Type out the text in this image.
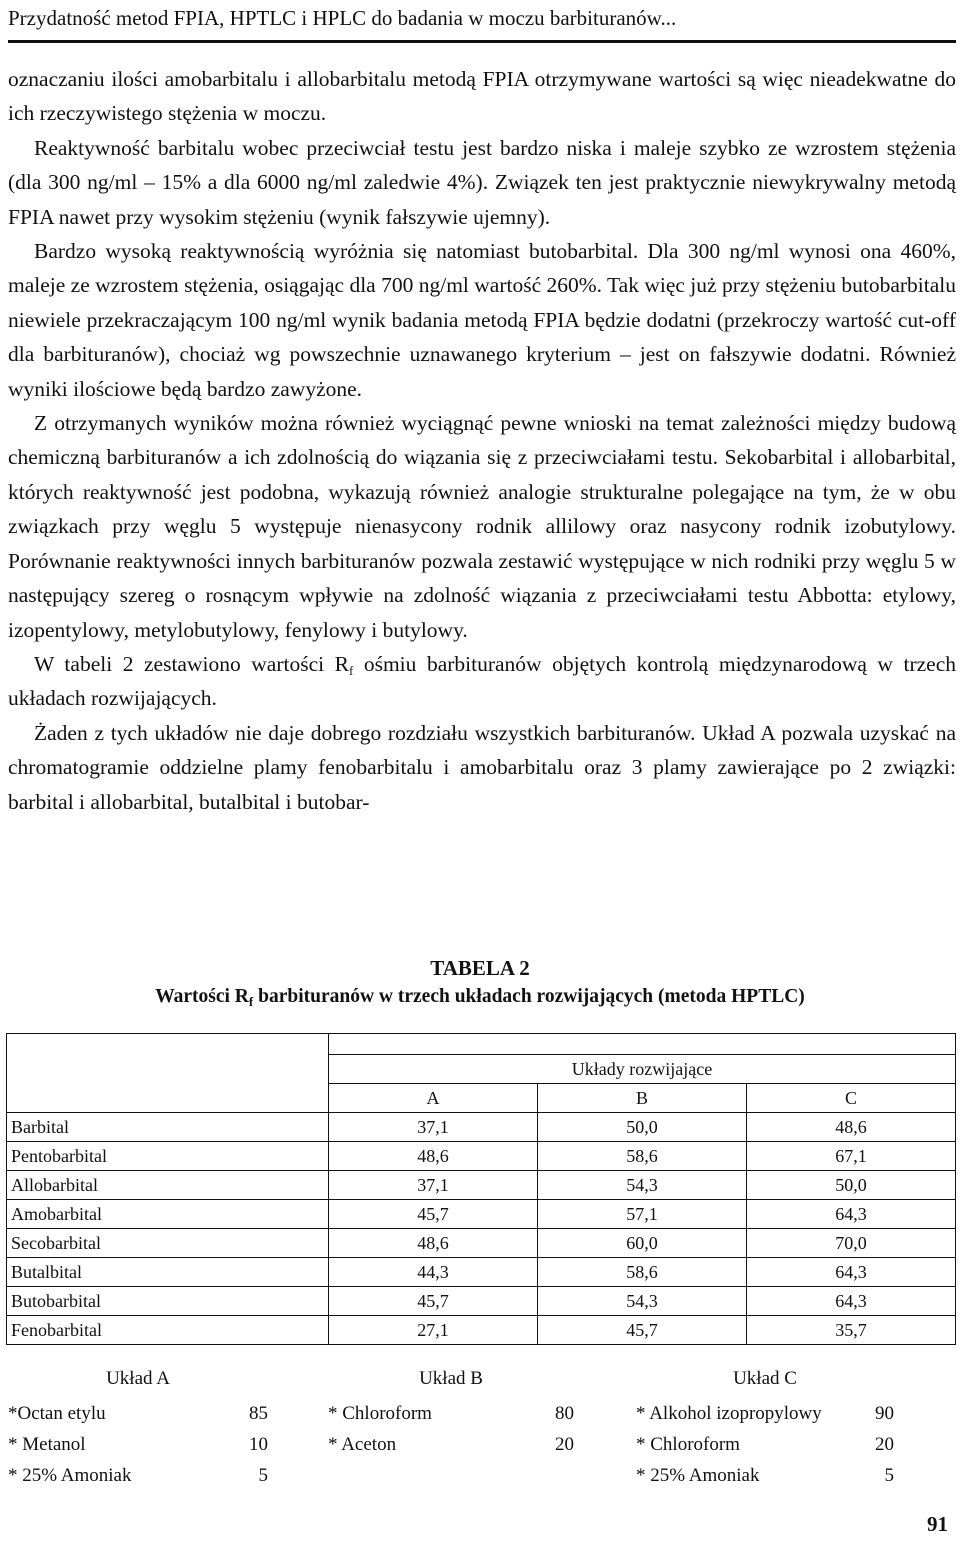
Przydatność metod FPIA, HPTLC i HPLC do badania w moczu barbituranów...

oznaczaniu ilości amobarbitalu i allobarbitalu metodą FPIA otrzymywane wartości są więc nieadekwatne do ich rzeczywistego stężenia w moczu.

Reaktywność barbitalu wobec przeciwciał testu jest bardzo niska i maleje szybko ze wzrostem stężenia (dla 300 ng/ml – 15% a dla 6000 ng/ml zaledwie 4%). Związek ten jest praktycznie niewykrywalny metodą FPIA nawet przy wysokim stężeniu (wynik fałszywie ujemny).

Bardzo wysoką reaktywnością wyróżnia się natomiast butobarbital. Dla 300 ng/ml wynosi ona 460%, maleje ze wzrostem stężenia, osiągając dla 700 ng/ml wartość 260%. Tak więc już przy stężeniu butobarbitalu niewiele przekraczającym 100 ng/ml wynik badania metodą FPIA będzie dodatni (przekroczy wartość cut-off dla barbituranów), chociaż wg powszechnie uznawanego kryterium – jest on fałszywie dodatni. Również wyniki ilościowe będą bardzo zawyżone.

Z otrzymanych wyników można również wyciągnąć pewne wnioski na temat zależności między budową chemiczną barbituranów a ich zdolnością do wiązania się z przeciwciałami testu. Sekobarbital i allobarbital, których reaktywność jest podobna, wykazują również analogie strukturalne polegające na tym, że w obu związkach przy węglu 5 występuje nienasycony rodnik allilowy oraz nasycony rodnik izobutylowy. Porównanie reaktywności innych barbituranów pozwala zestawić występujące w nich rodniki przy węglu 5 w następujący szereg o rosnącym wpływie na zdolność wiązania z przeciwciałami testu Abbotta: etylowy, izopentylowy, metylobutylowy, fenylowy i butylowy.

W tabeli 2 zestawiono wartości $R_f$ ośmiu barbituranów objętych kontrolą międzynarodową w trzech układach rozwijających.

Żaden z tych układów nie daje dobrego rozdziału wszystkich barbituranów. Układ A pozwala uzyskać na chromatogramie oddzielne plamy fenobarbitalu i amobarbitalu oraz 3 plamy zawierające po 2 związki: barbital i allobarbital, butalbital i butobar-

TABELA 2
Wartości $R_f$ barbituranów w trzech układach rozwijających (metoda HPTLC)

	Układy rozwijające		
	A	B	C
Barbital	37,1	50,0	48,6
Pentobarbital	48,6	58,6	67,1
Allobarbital	37,1	54,3	50,0
Amobarbital	45,7	57,1	64,3
Secobarbital	48,6	60,0	70,0
Butalbital	44,3	58,6	64,3
Butobarbital	45,7	54,3	64,3
Fenobarbital	27,1	45,7	35,7
Układ A
*Octan etylu	85
* Metanol	10
* 25% Amoniak	5
Układ B
* Chloroform	80
* Aceton	20
Układ C
* Alkohol izopropylowy	90
* Chloroform	20
* 25% Amoniak	5
91
